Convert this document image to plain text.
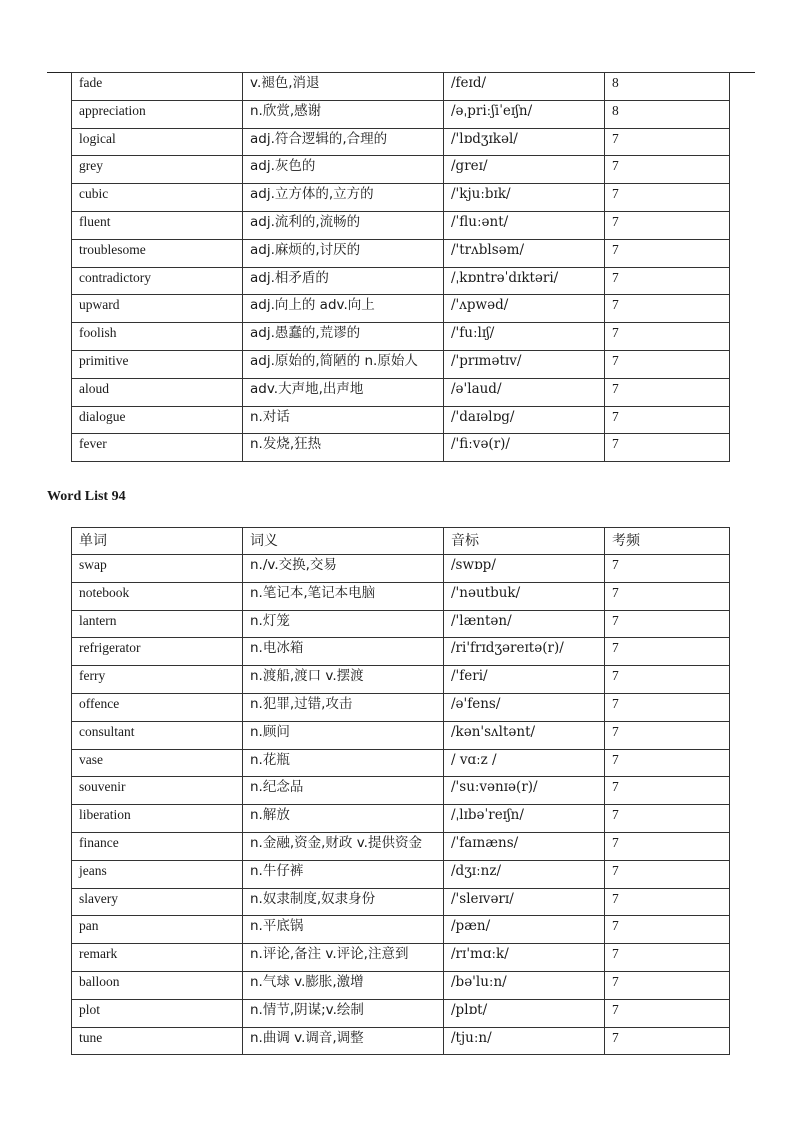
fade	v.褪色,消退	/feɪd/	8
appreciation	n.欣赏,感谢	/əˌpriːʃiˈeɪʃn/	8
logical	adj.符合逻辑的,合理的	/'lɒdʒɪkəl/	7
grey	adj.灰色的	/greɪ/	7
cubic	adj.立方体的,立方的	/'kjuːbɪk/	7
fluent	adj.流利的,流畅的	/ˈfluːənt/	7
troublesome	adj.麻烦的,讨厌的	/'trʌblsəm/	7
contradictory	adj.相矛盾的	/ˌkɒntrəˈdɪktəri/	7
upward	adj.向上的 adv.向上	/'ʌpwəd/	7
foolish	adj.愚蠢的,荒谬的	/'fuːlɪʃ/	7
primitive	adj.原始的,简陋的 n.原始人	/'prɪmətɪv/	7
aloud	adv.大声地,出声地	/ə'laud/	7
dialogue	n.对话	/'daɪəlɒg/	7
fever	n.发烧,狂热	/'fiːvə(r)/	7
Word List 94
单词	词义	音标	考频
swap	n./v.交换,交易	/swɒp/	7
notebook	n.笔记本,笔记本电脑	/'nəutbuk/	7
lantern	n.灯笼	/'læntən/	7
refrigerator	n.电冰箱	/ri'frɪdʒəreɪtə(r)/	7
ferry	n.渡船,渡口 v.摆渡	/'feri/	7
offence	n.犯罪,过错,攻击	/ə'fens/	7
consultant	n.顾问	/kən'sʌltənt/	7
vase	n.花瓶	/ vɑːz /	7
souvenir	n.纪念品	/'suːvənɪə(r)/	7
liberation	n.解放	/ˌlɪbəˈreɪʃn/	7
finance	n.金融,资金,财政 v.提供资金	/ˈfaɪnæns/	7
jeans	n.牛仔裤	/dʒɪːnz/	7
slavery	n.奴隶制度,奴隶身份	/'sleɪvərɪ/	7
pan	n.平底锅	/pæn/	7
remark	n.评论,备注 v.评论,注意到	/rɪ'mɑːk/	7
balloon	n.气球 v.膨胀,激增	/bə'luːn/	7
plot	n.情节,阴谋;v.绘制	/plɒt/	7
tune	n.曲调 v.调音,调整	/tjuːn/	7
